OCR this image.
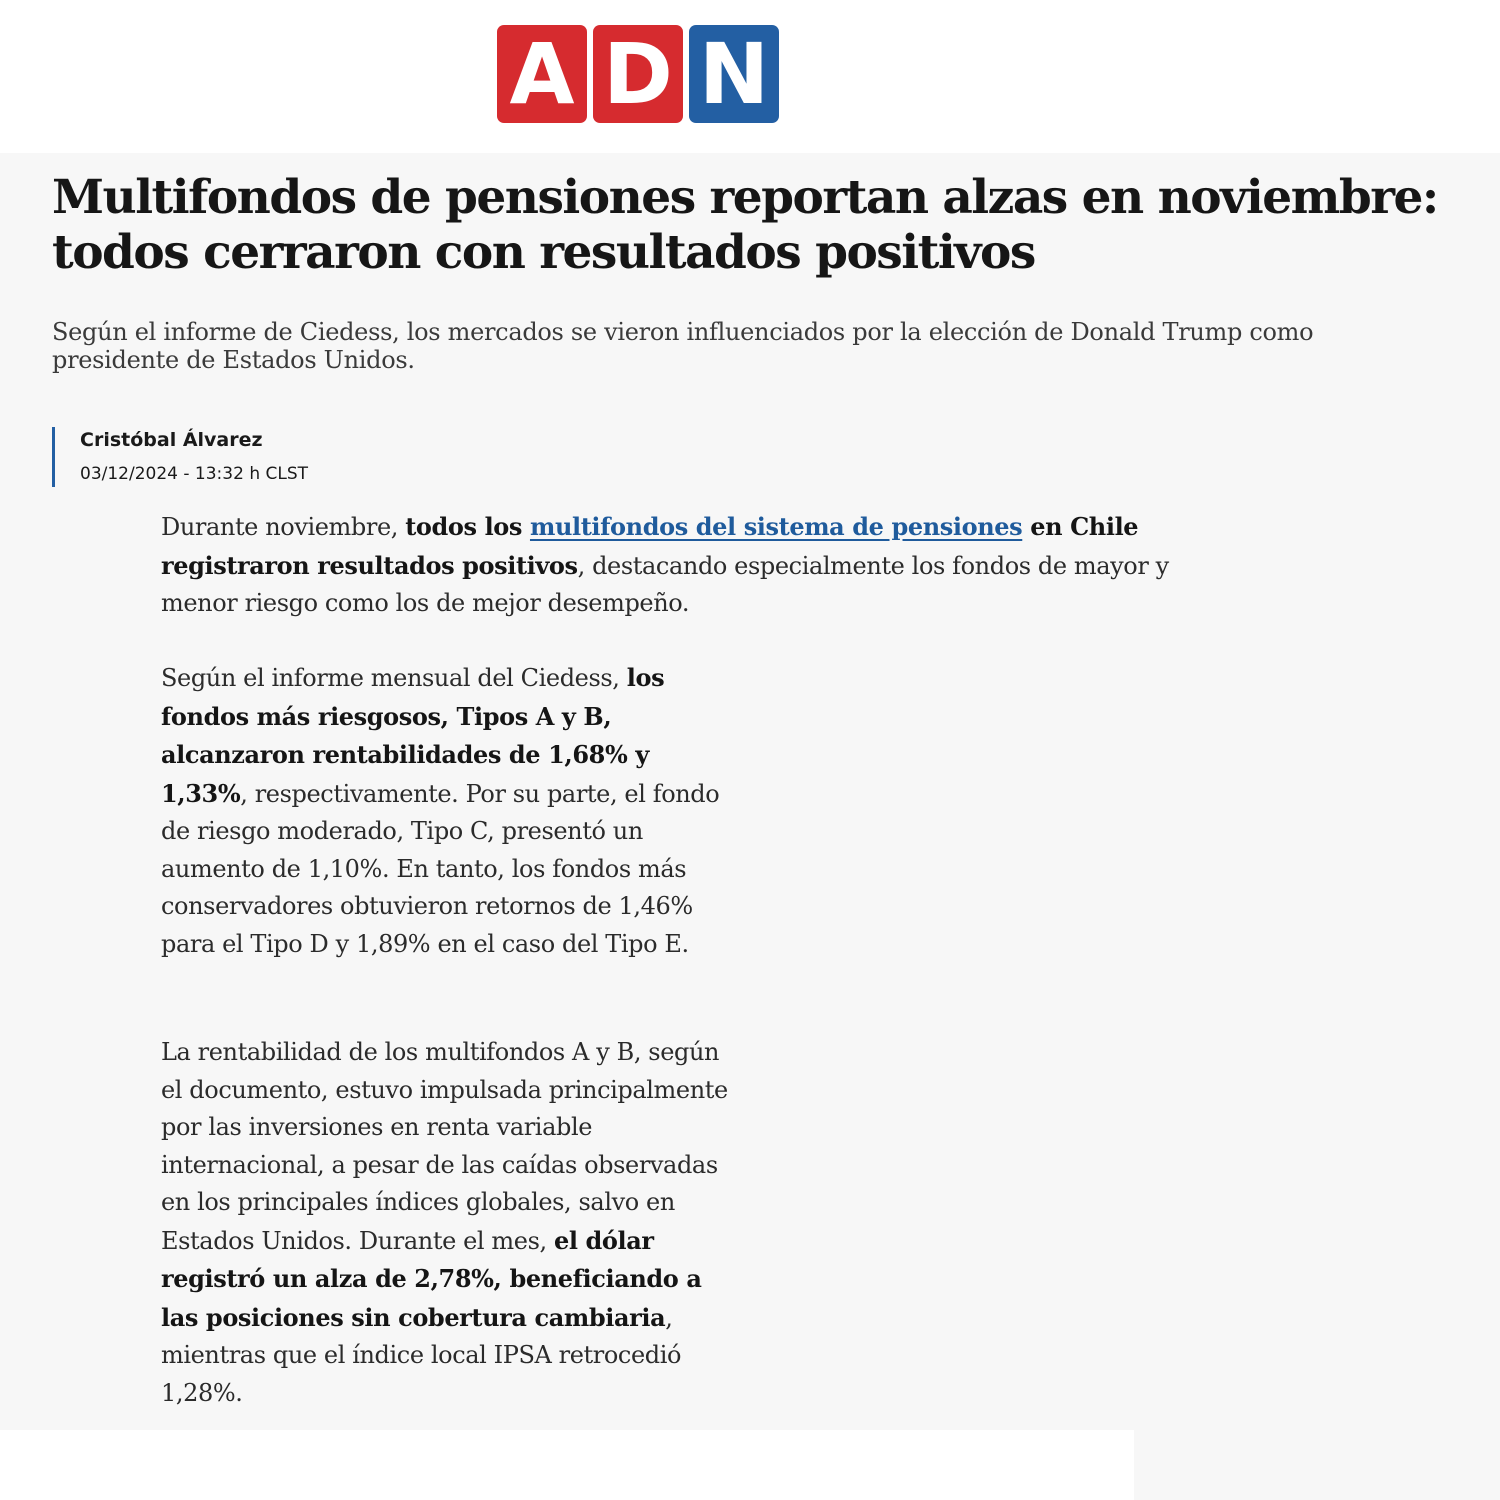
A D N
Multifondos de pensiones reportan alzas en noviembre: todos cerraron con resultados positivos

Según el informe de Ciedess, los mercados se vieron influenciados por la elección de Donald Trump como presidente de Estados Unidos.

Cristóbal Álvarez
03/12/2024 - 13:32 h CLST

Durante noviembre, todos los multifondos del sistema de pensiones en Chile registraron resultados positivos, destacando especialmente los fondos de mayor y menor riesgo como los de mejor desempeño.

Según el informe mensual del Ciedess, los fondos más riesgosos, Tipos A y B, alcanzaron rentabilidades de 1,68% y 1,33%, respectivamente. Por su parte, el fondo de riesgo moderado, Tipo C, presentó un aumento de 1,10%. En tanto, los fondos más conservadores obtuvieron retornos de 1,46% para el Tipo D y 1,89% en el caso del Tipo E.

La rentabilidad de los multifondos A y B, según el documento, estuvo impulsada principalmente por las inversiones en renta variable internacional, a pesar de las caídas observadas en los principales índices globales, salvo en Estados Unidos. Durante el mes, el dólar registró un alza de 2,78%, beneficiando a las posiciones sin cobertura cambiaria, mientras que el índice local IPSA retrocedió 1,28%.
